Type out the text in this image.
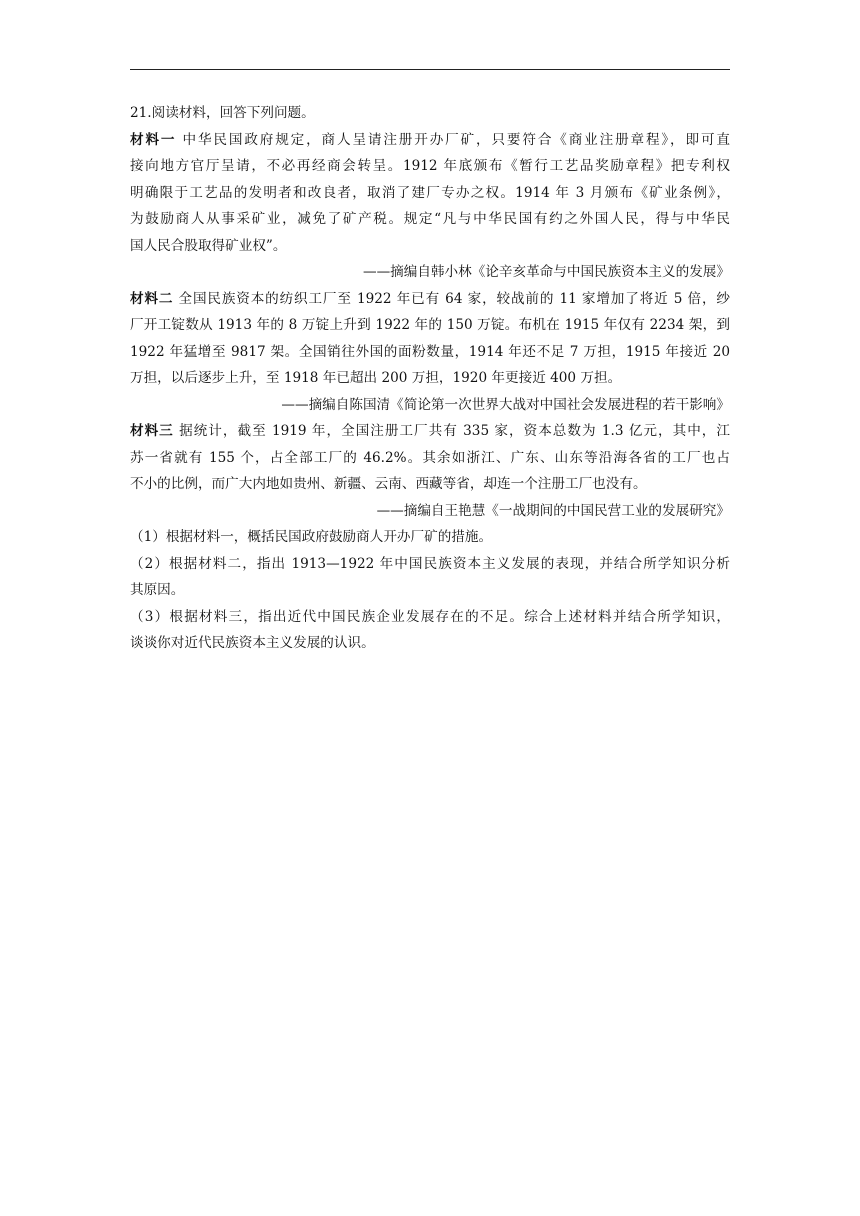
21.阅读材料，回答下列问题。
材料一 中华民国政府规定，商人呈请注册开办厂矿，只要符合《商业注册章程》，即可直
接向地方官厅呈请，不必再经商会转呈。1912 年底颁布《暂行工艺品奖励章程》把专利权
明确限于工艺品的发明者和改良者，取消了建厂专办之权。1914 年 3 月颁布《矿业条例》，
为鼓励商人从事采矿业，减免了矿产税。规定“凡与中华民国有约之外国人民，得与中华民
国人民合股取得矿业权”。
——摘编自韩小林《论辛亥革命与中国民族资本主义的发展》
材料二 全国民族资本的纺织工厂至 1922 年已有 64 家，较战前的 11 家增加了将近 5 倍，纱
厂开工锭数从 1913 年的 8 万锭上升到 1922 年的 150 万锭。布机在 1915 年仅有 2234 架，到
1922 年猛增至 9817 架。全国销往外国的面粉数量，1914 年还不足 7 万担，1915 年接近 20
万担，以后逐步上升，至 1918 年已超出 200 万担，1920 年更接近 400 万担。
——摘编自陈国清《简论第一次世界大战对中国社会发展进程的若干影响》
材料三 据统计，截至 1919 年，全国注册工厂共有 335 家，资本总数为 1.3 亿元，其中，江
苏一省就有 155 个，占全部工厂的 46.2%。其余如浙江、广东、山东等沿海各省的工厂也占
不小的比例，而广大内地如贵州、新疆、云南、西藏等省，却连一个注册工厂也没有。
——摘编自王艳慧《一战期间的中国民营工业的发展研究》
（1）根据材料一，概括民国政府鼓励商人开办厂矿的措施。
（2）根据材料二，指出 1913—1922 年中国民族资本主义发展的表现，并结合所学知识分析
其原因。
（3）根据材料三，指出近代中国民族企业发展存在的不足。综合上述材料并结合所学知识，
谈谈你对近代民族资本主义发展的认识。
